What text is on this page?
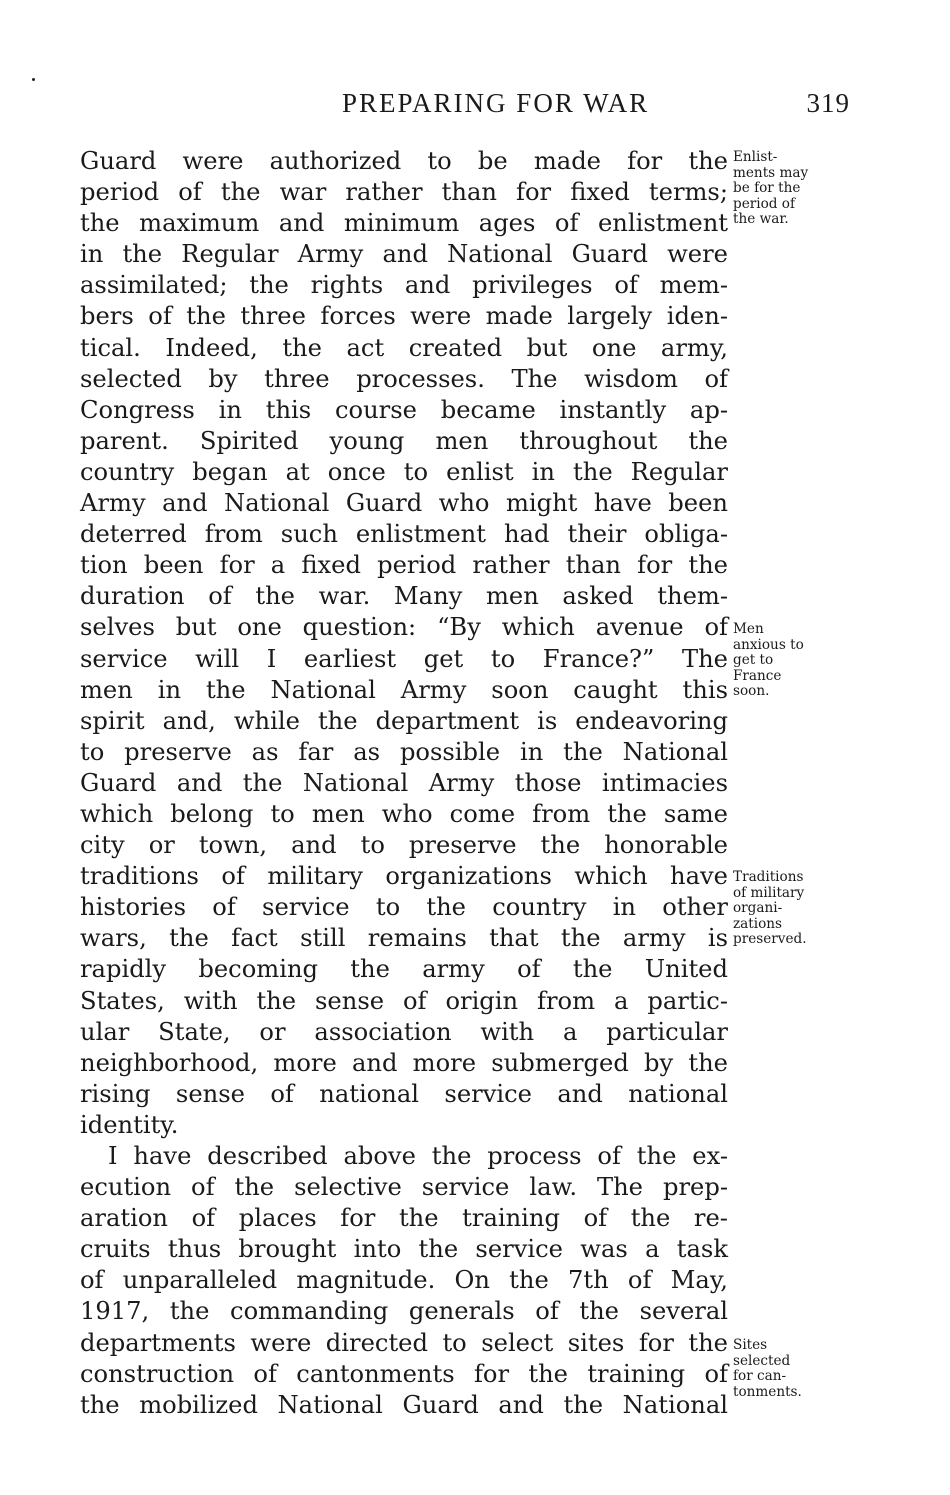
PREPARING FOR WAR	319
Guard were authorized to be made for the
period of the war rather than for fixed terms;
the maximum and minimum ages of enlistment
in the Regular Army and National Guard were
assimilated; the rights and privileges of mem-
bers of the three forces were made largely iden-
tical. Indeed, the act created but one army,
selected by three processes. The wisdom of
Congress in this course became instantly ap-
parent. Spirited young men throughout the
country began at once to enlist in the Regular
Army and National Guard who might have been
deterred from such enlistment had their obliga-
tion been for a fixed period rather than for the
duration of the war. Many men asked them-
selves but one question: “By which avenue of
service will I earliest get to France?” The
men in the National Army soon caught this
spirit and, while the department is endeavoring
to preserve as far as possible in the National
Guard and the National Army those intimacies
which belong to men who come from the same
city or town, and to preserve the honorable
traditions of military organizations which have
histories of service to the country in other
wars, the fact still remains that the army is
rapidly becoming the army of the United
States, with the sense of origin from a partic-
ular State, or association with a particular
neighborhood, more and more submerged by the
rising sense of national service and national
identity.
I have described above the process of the ex-
ecution of the selective service law. The prep-
aration of places for the training of the re-
cruits thus brought into the service was a task
of unparalleled magnitude. On the 7th of May,
1917, the commanding generals of the several
departments were directed to select sites for the
construction of cantonments for the training of
the mobilized National Guard and the National
Enlist-
ments may
be for the
period of
the war.
Men
anxious to
get to
France
soon.
Traditions
of military
organi-
zations
preserved.
Sites
selected
for can-
tonments.
